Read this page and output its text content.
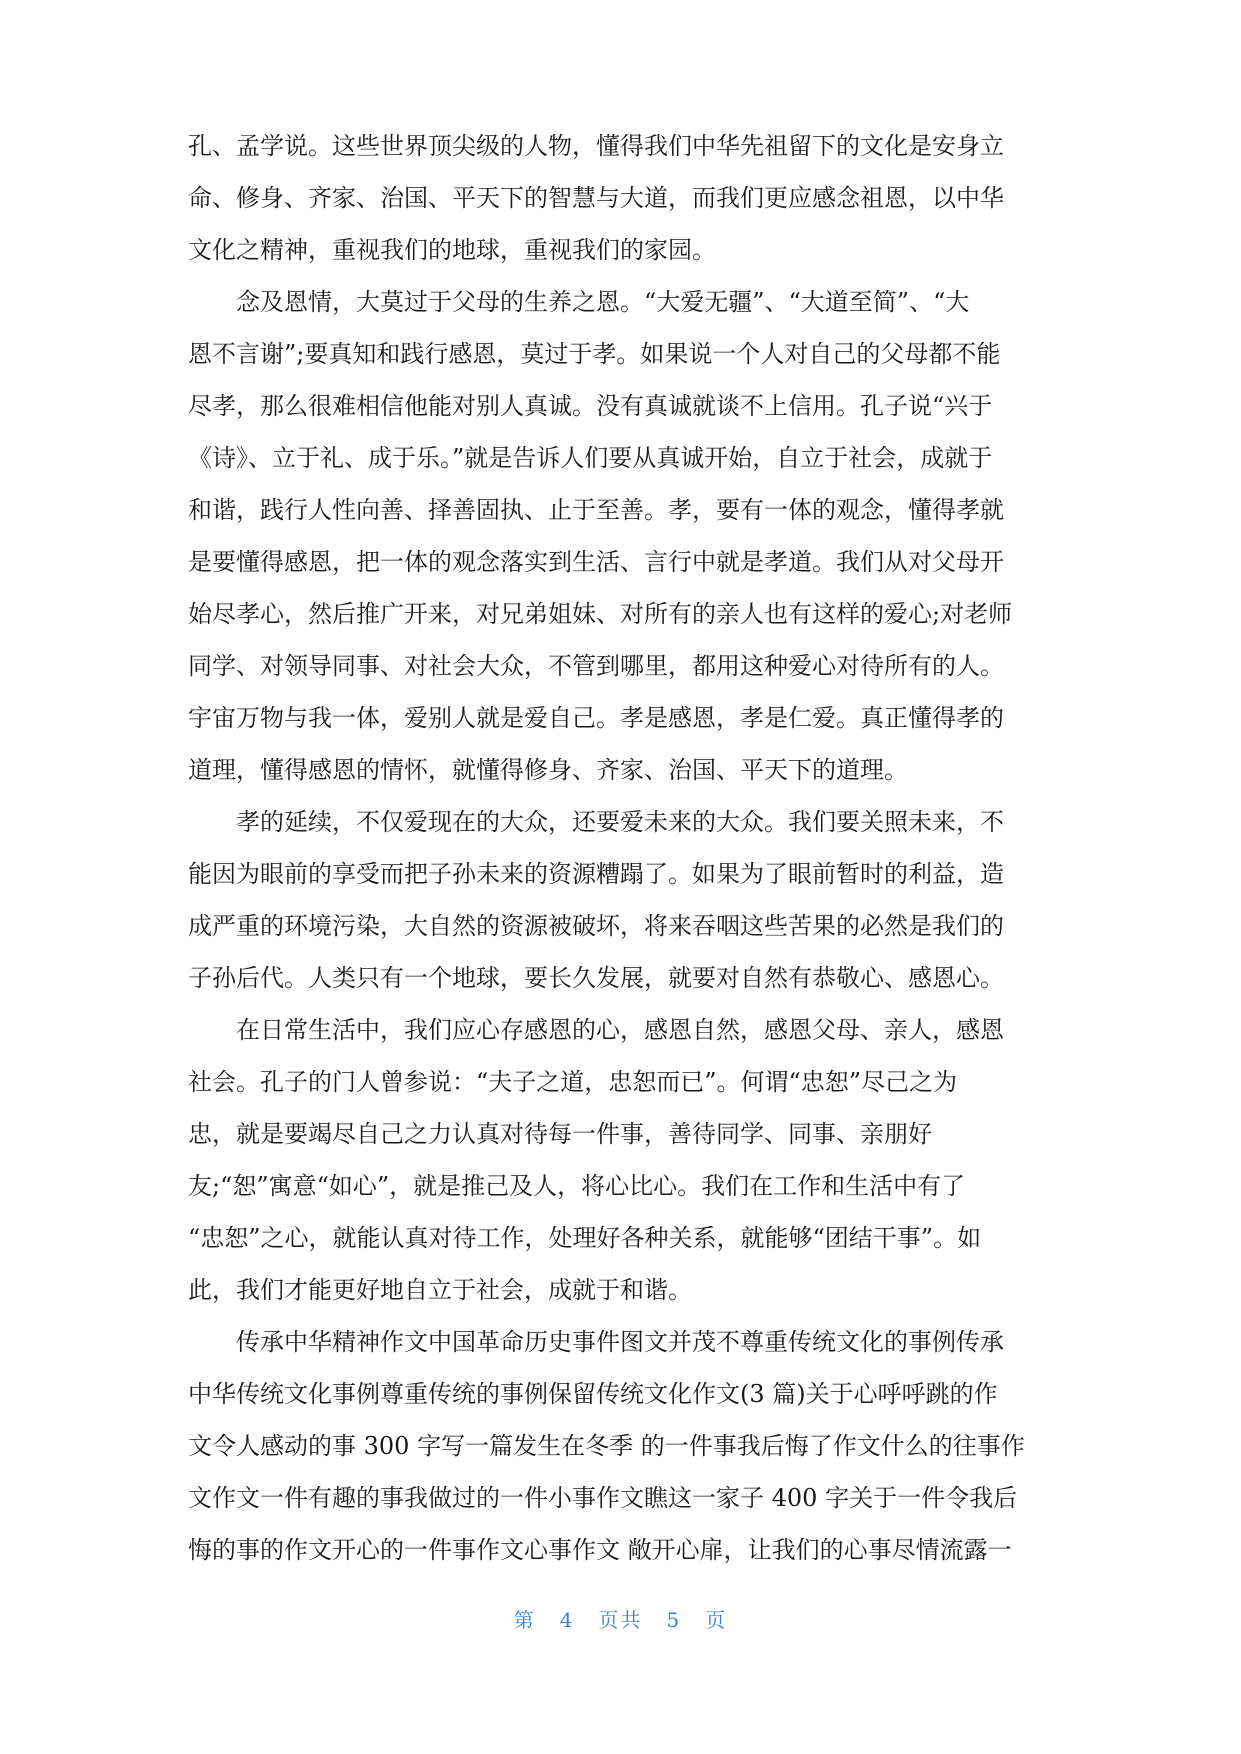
孔、孟学说。这些世界顶尖级的人物，懂得我们中华先祖留下的文化是安身立
命、修身、齐家、治国、平天下的智慧与大道，而我们更应感念祖恩，以中华
文化之精神，重视我们的地球，重视我们的家园。
念及恩情，大莫过于父母的生养之恩。“大爱无疆”、“大道至简”、“大
恩不言谢”;要真知和践行感恩，莫过于孝。如果说一个人对自己的父母都不能
尽孝，那么很难相信他能对别人真诚。没有真诚就谈不上信用。孔子说“兴于
《诗》、立于礼、成于乐。”就是告诉人们要从真诚开始，自立于社会，成就于
和谐，践行人性向善、择善固执、止于至善。孝，要有一体的观念，懂得孝就
是要懂得感恩，把一体的观念落实到生活、言行中就是孝道。我们从对父母开
始尽孝心，然后推广开来，对兄弟姐妹、对所有的亲人也有这样的爱心;对老师
同学、对领导同事、对社会大众，不管到哪里，都用这种爱心对待所有的人。
宇宙万物与我一体，爱别人就是爱自己。孝是感恩，孝是仁爱。真正懂得孝的
道理，懂得感恩的情怀，就懂得修身、齐家、治国、平天下的道理。
孝的延续，不仅爱现在的大众，还要爱未来的大众。我们要关照未来，不
能因为眼前的享受而把子孙未来的资源糟蹋了。如果为了眼前暂时的利益，造
成严重的环境污染，大自然的资源被破坏，将来吞咽这些苦果的必然是我们的
子孙后代。人类只有一个地球，要长久发展，就要对自然有恭敬心、感恩心。
在日常生活中，我们应心存感恩的心，感恩自然，感恩父母、亲人，感恩
社会。孔子的门人曾参说：“夫子之道，忠恕而已”。何谓“忠恕”尽己之为
忠，就是要竭尽自己之力认真对待每一件事，善待同学、同事、亲朋好
友;“恕”寓意“如心”，就是推己及人，将心比心。我们在工作和生活中有了
“忠恕”之心，就能认真对待工作，处理好各种关系，就能够“团结干事”。如
此，我们才能更好地自立于社会，成就于和谐。
传承中华精神作文中国革命历史事件图文并茂不尊重传统文化的事例传承
中华传统文化事例尊重传统的事例保留传统文化作文(3 篇)关于心呼呼跳的作
文令人感动的事 300 字写一篇发生在冬季 的一件事我后悔了作文什么的往事作
文作文一件有趣的事我做过的一件小事作文瞧这一家子 400 字关于一件令我后
悔的事的作文开心的一件事作文心事作文 敞开心扉，让我们的心事尽情流露一
第 4 页共 5 页
